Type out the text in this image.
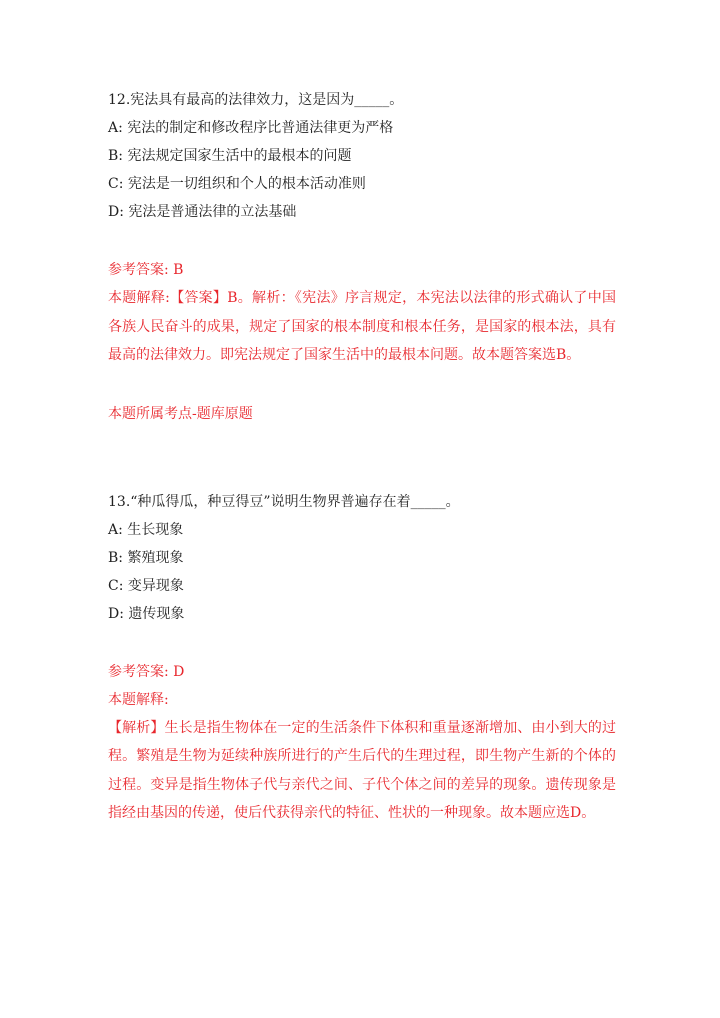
12.宪法具有最高的法律效力，这是因为_____。
A: 宪法的制定和修改程序比普通法律更为严格
B: 宪法规定国家生活中的最根本的问题
C: 宪法是一切组织和个人的根本活动准则
D: 宪法是普通法律的立法基础
参考答案: B
本题解释:【答案】B。解析：《宪法》序言规定，本宪法以法律的形式确认了中国各族人民奋斗的成果，规定了国家的根本制度和根本任务，是国家的根本法，具有最高的法律效力。即宪法规定了国家生活中的最根本问题。故本题答案选B。
本题所属考点-题库原题
13.“种瓜得瓜，种豆得豆”说明生物界普遍存在着_____。
A: 生长现象
B: 繁殖现象
C: 变异现象
D: 遗传现象
参考答案: D
本题解释:
【解析】生长是指生物体在一定的生活条件下体积和重量逐渐增加、由小到大的过程。繁殖是生物为延续种族所进行的产生后代的生理过程，即生物产生新的个体的过程。变异是指生物体子代与亲代之间、子代个体之间的差异的现象。遗传现象是指经由基因的传递，使后代获得亲代的特征、性状的一种现象。故本题应选D。
